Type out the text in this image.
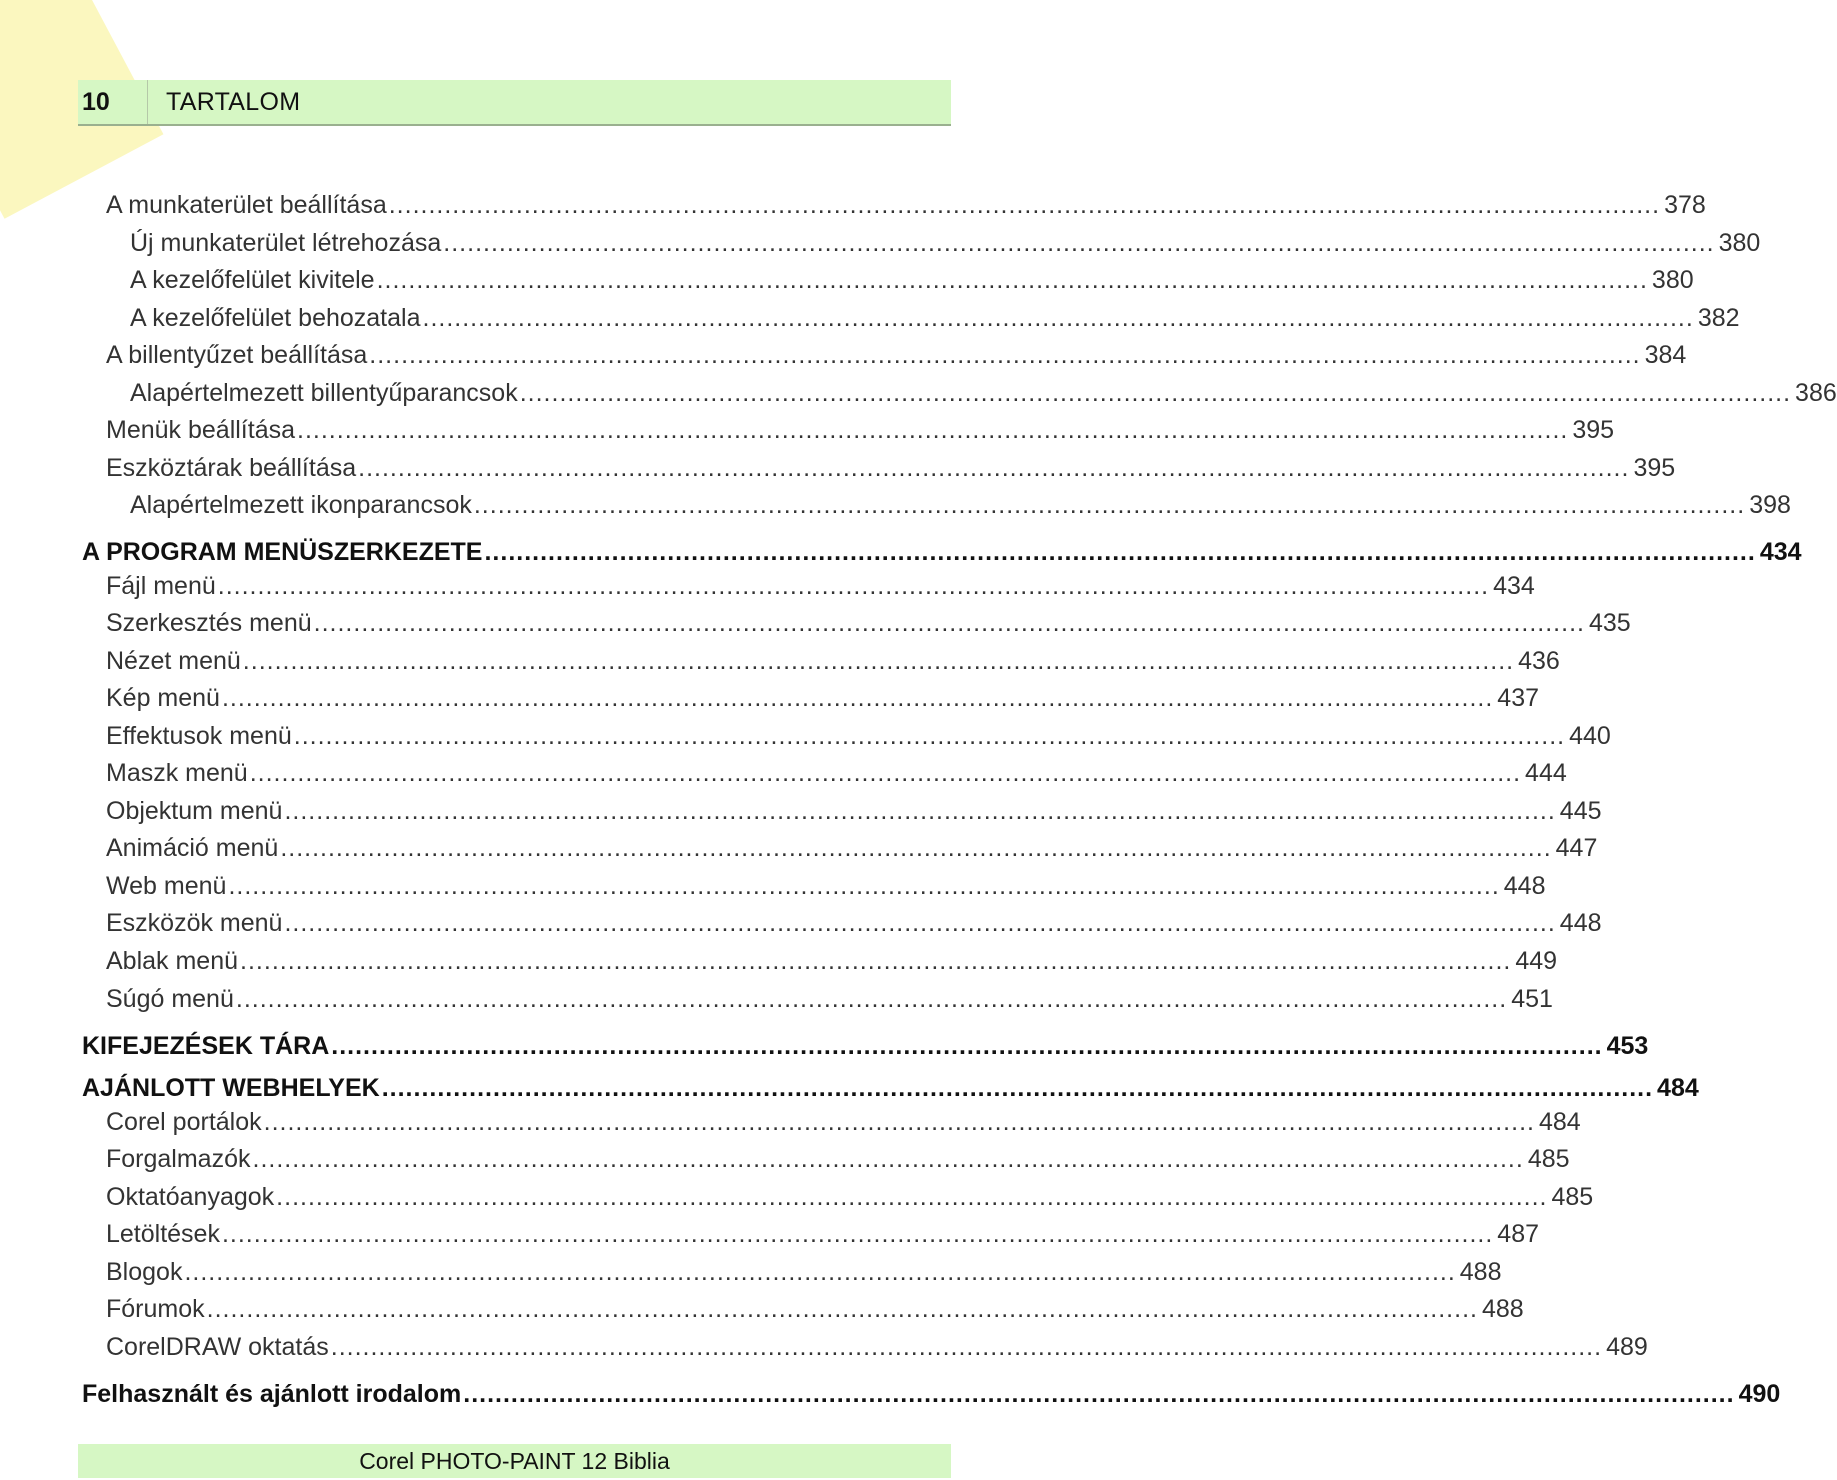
10	TARTALOM
A munkaterület beállítása ................................................................................................................................................................ 378
Új munkaterület létrehozása ................................................................................................................................................................ 380
A kezelőfelület kivitele ................................................................................................................................................................ 380
A kezelőfelület behozatala ................................................................................................................................................................ 382
A billentyűzet beállítása ................................................................................................................................................................ 384
Alapértelmezett billentyűparancsok ................................................................................................................................................................ 386
Menük beállítása ................................................................................................................................................................ 395
Eszköztárak beállítása ................................................................................................................................................................ 395
Alapértelmezett ikonparancsok ................................................................................................................................................................ 398
A PROGRAM MENÜSZERKEZETE ................................................................................................................................................................ 434
Fájl menü ................................................................................................................................................................ 434
Szerkesztés menü ................................................................................................................................................................ 435
Nézet menü ................................................................................................................................................................ 436
Kép menü ................................................................................................................................................................ 437
Effektusok menü ................................................................................................................................................................ 440
Maszk menü ................................................................................................................................................................ 444
Objektum menü ................................................................................................................................................................ 445
Animáció menü ................................................................................................................................................................ 447
Web menü ................................................................................................................................................................ 448
Eszközök menü ................................................................................................................................................................ 448
Ablak menü ................................................................................................................................................................ 449
Súgó menü ................................................................................................................................................................ 451
KIFEJEZÉSEK TÁRA ................................................................................................................................................................ 453
AJÁNLOTT WEBHELYEK ................................................................................................................................................................ 484
Corel portálok ................................................................................................................................................................ 484
Forgalmazók ................................................................................................................................................................ 485
Oktatóanyagok ................................................................................................................................................................ 485
Letöltések ................................................................................................................................................................ 487
Blogok ................................................................................................................................................................ 488
Fórumok ................................................................................................................................................................ 488
CorelDRAW oktatás ................................................................................................................................................................ 489
Felhasznált és ajánlott irodalom ................................................................................................................................................................ 490
Corel PHOTO-PAINT 12 Biblia
